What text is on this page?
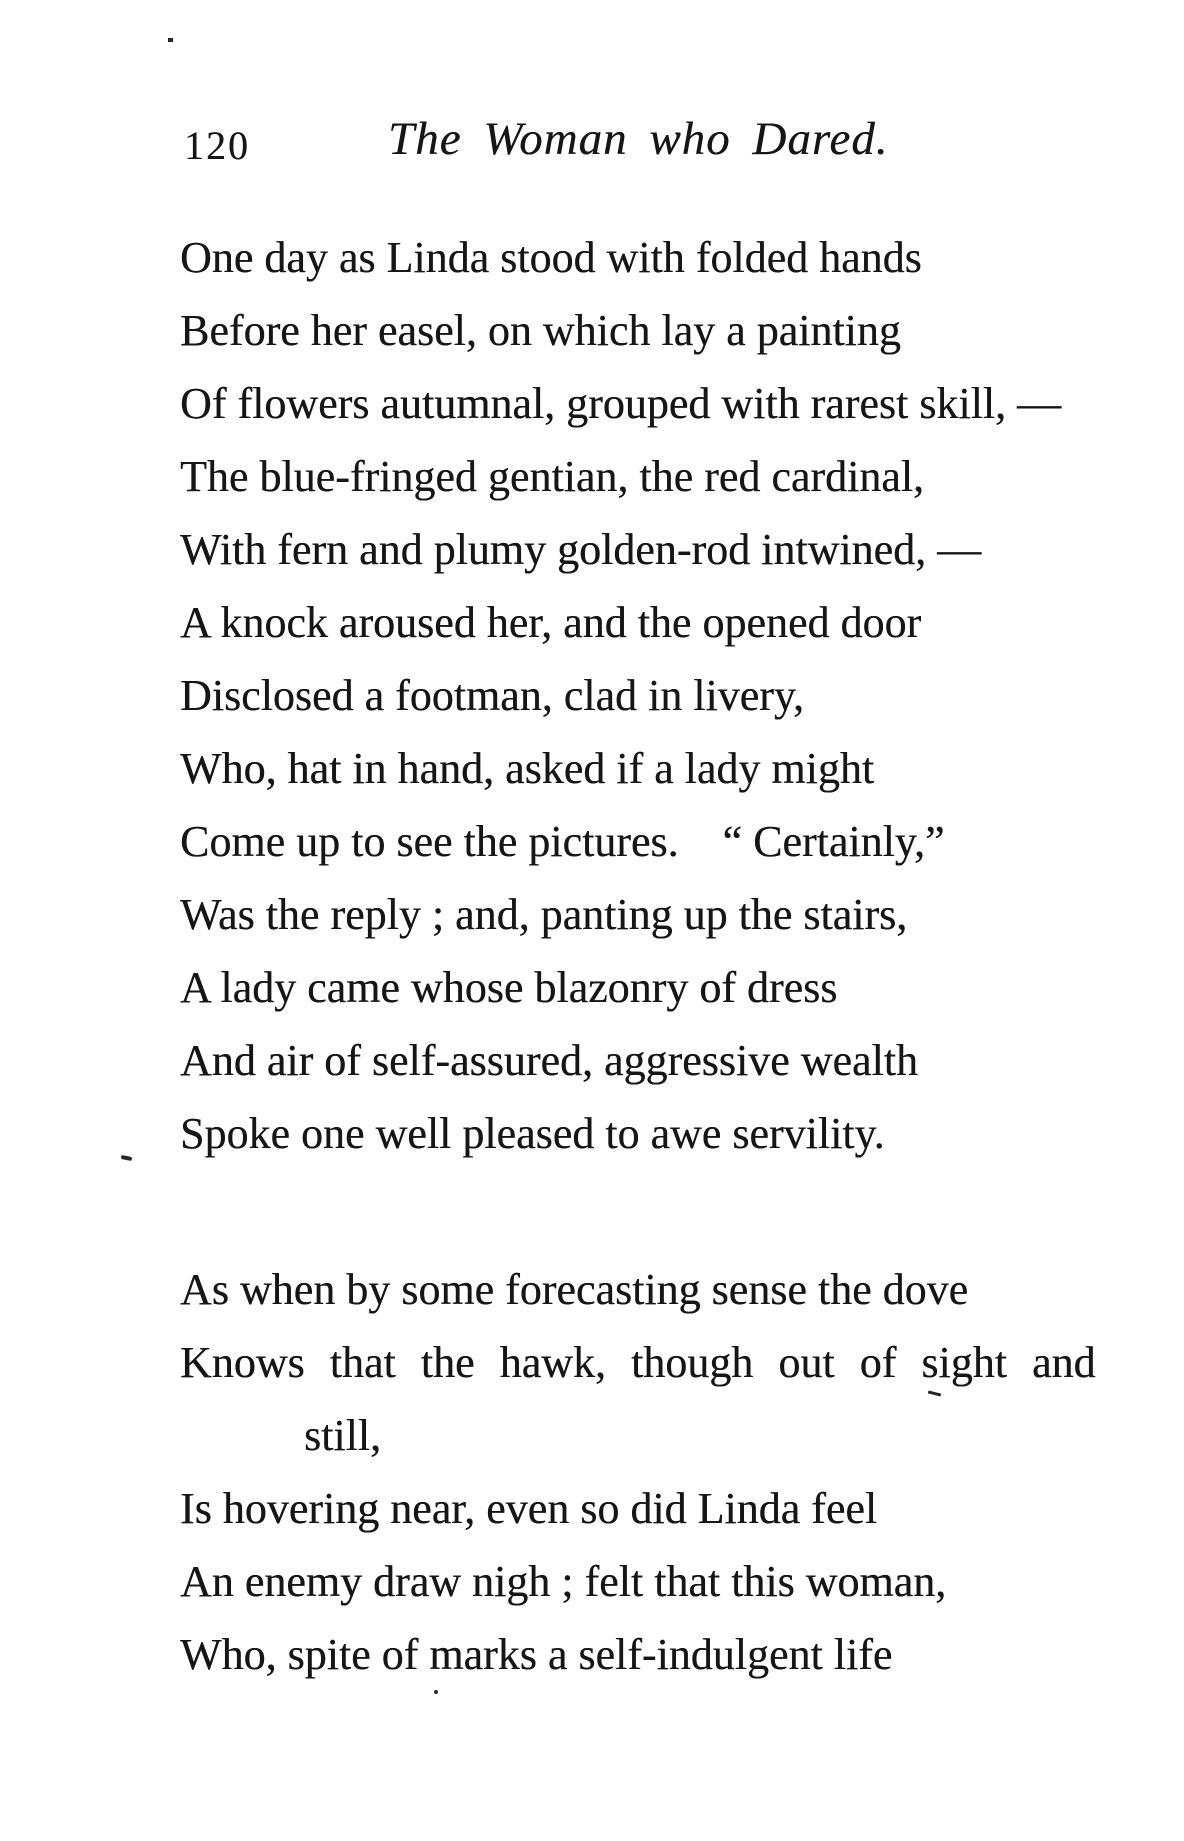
120	The Woman who Dared.
One day as Linda stood with folded hands
Before her easel, on which lay a painting
Of flowers autumnal, grouped with rarest skill, —
The blue-fringed gentian, the red cardinal,
With fern and plumy golden-rod intwined, —
A knock aroused her, and the opened door
Disclosed a footman, clad in livery,
Who, hat in hand, asked if a lady might
Come up to see the pictures. “ Certainly,”
Was the reply ; and, panting up the stairs,
A lady came whose blazonry of dress
And air of self-assured, aggressive wealth
Spoke one well pleased to awe servility.
As when by some forecasting sense the dove
Knows that the hawk, though out of sight and
still,
Is hovering near, even so did Linda feel
An enemy draw nigh ; felt that this woman,
Who, spite of marks a self-indulgent life
